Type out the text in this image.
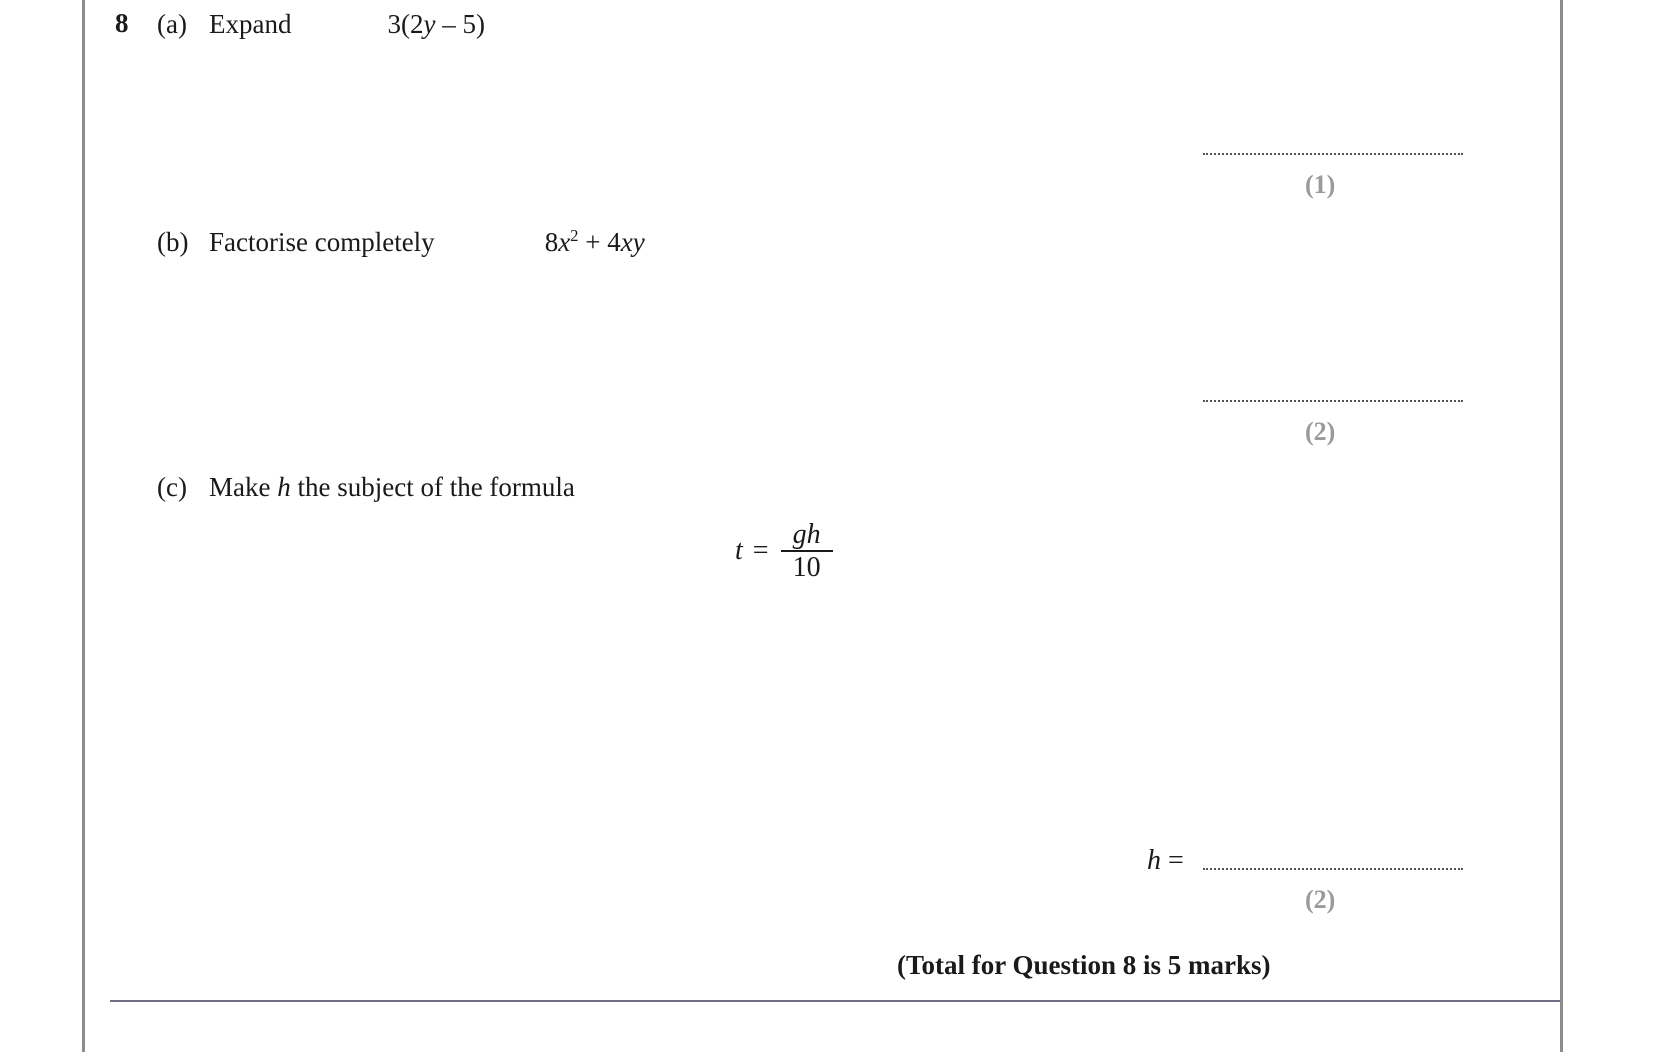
8 (a) Expand	3(2y – 5)
(1)
(b) Factorise completely	$8x^2 + 4xy$
(2)
(c) Make h the subject of the formula
$t = \frac{gh}{10}$
h =
(2)
(Total for Question 8 is 5 marks)
